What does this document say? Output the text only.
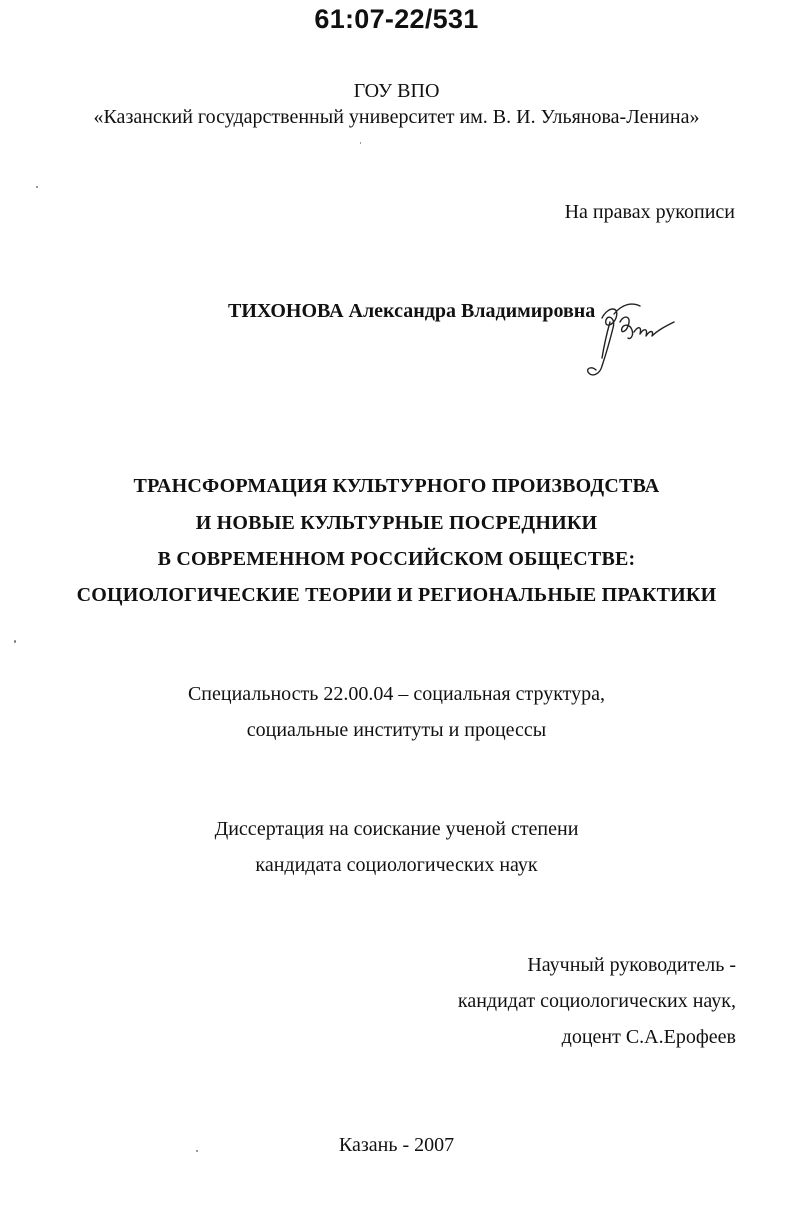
61:07-22/531
ГОУ ВПО
«Казанский государственный университет им. В. И. Ульянова-Ленина»
На правах рукописи
ТИХОНОВА Александра Владимировна
ТРАНСФОРМАЦИЯ КУЛЬТУРНОГО ПРОИЗВОДСТВА
И НОВЫЕ КУЛЬТУРНЫЕ ПОСРЕДНИКИ
В СОВРЕМЕННОМ РОССИЙСКОМ ОБЩЕСТВЕ:
СОЦИОЛОГИЧЕСКИЕ ТЕОРИИ И РЕГИОНАЛЬНЫЕ ПРАКТИКИ
Специальность 22.00.04 – социальная структура,
социальные институты и процессы
Диссертация на соискание ученой степени
кандидата социологических наук
Научный руководитель -
кандидат социологических наук,
доцент С.А.Ерофеев
Казань - 2007
